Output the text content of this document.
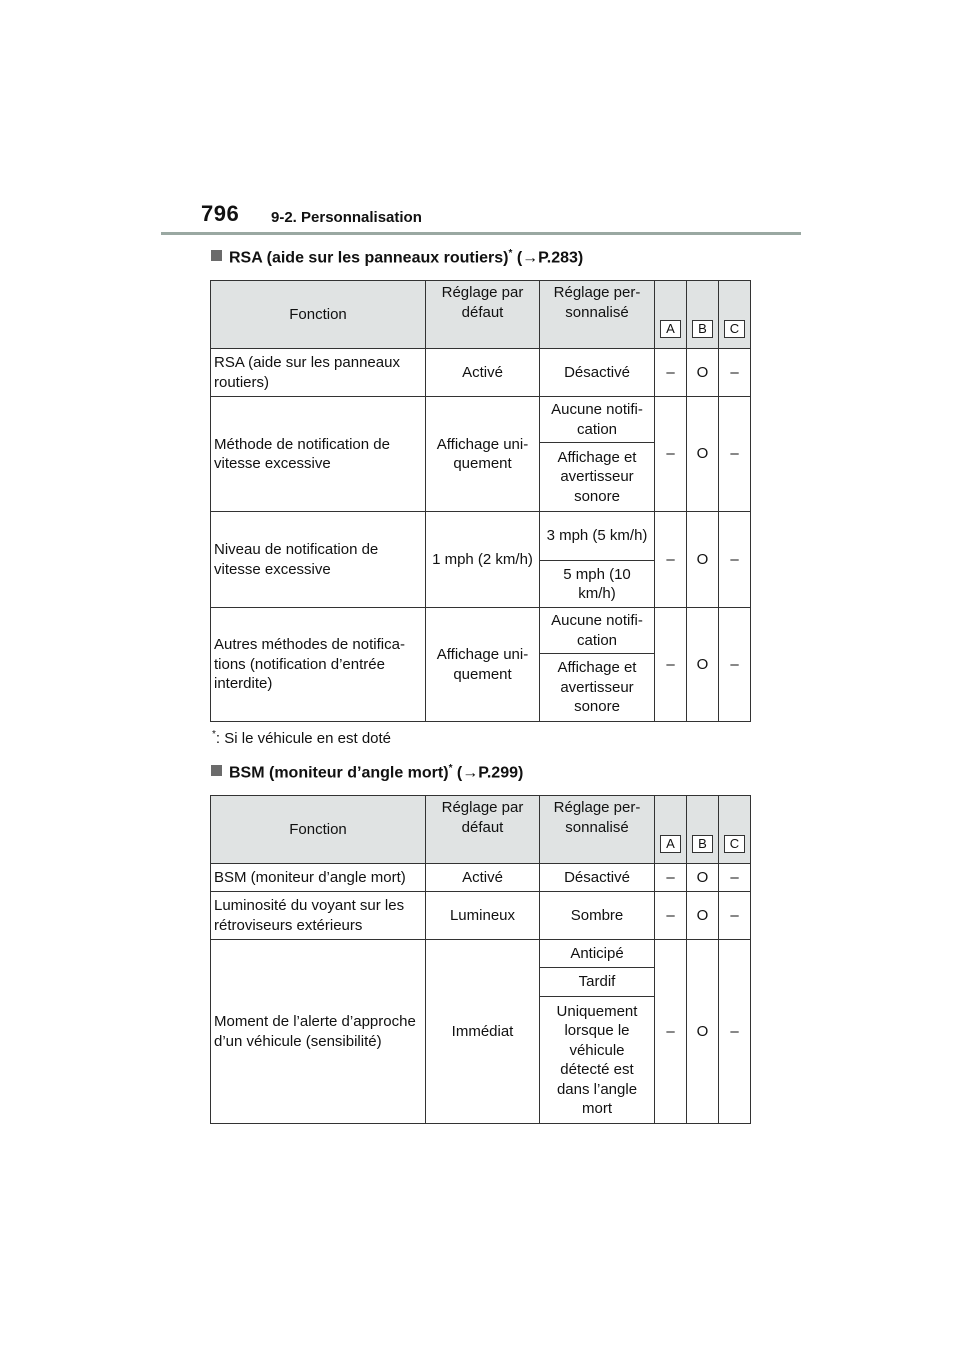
796 9-2. Personnalisation
RSA (aide sur les panneaux routiers)* (→P.283)
Fonction	Réglage par défaut	Réglage per-sonnalisé	A	B	C
RSA (aide sur les panneaux routiers)	Activé	Désactivé	–	O	–
Méthode de notification de vitesse excessive	Affichage uni-quement	Aucune notifi-cation	–	O	–
		Affichage et avertisseur sonore			
Niveau de notification de vitesse excessive	1 mph (2 km/h)	3 mph (5 km/h)	–	O	–
		5 mph (10 km/h)			
Autres méthodes de notifica-tions (notification d’entrée interdite)	Affichage uni-quement	Aucune notifi-cation	–	O	–
		Affichage et avertisseur sonore			
*: Si le véhicule en est doté
BSM (moniteur d’angle mort)* (→P.299)
Fonction	Réglage par défaut	Réglage per-sonnalisé	A	B	C
BSM (moniteur d’angle mort)	Activé	Désactivé	–	O	–
Luminosité du voyant sur les rétroviseurs extérieurs	Lumineux	Sombre	–	O	–
Moment de l’alerte d’approche d’un véhicule (sensibilité)	Immédiat	Anticipé	–	O	–
		Tardif			
		Uniquement lorsque le véhicule détecté est dans l’angle mort			
